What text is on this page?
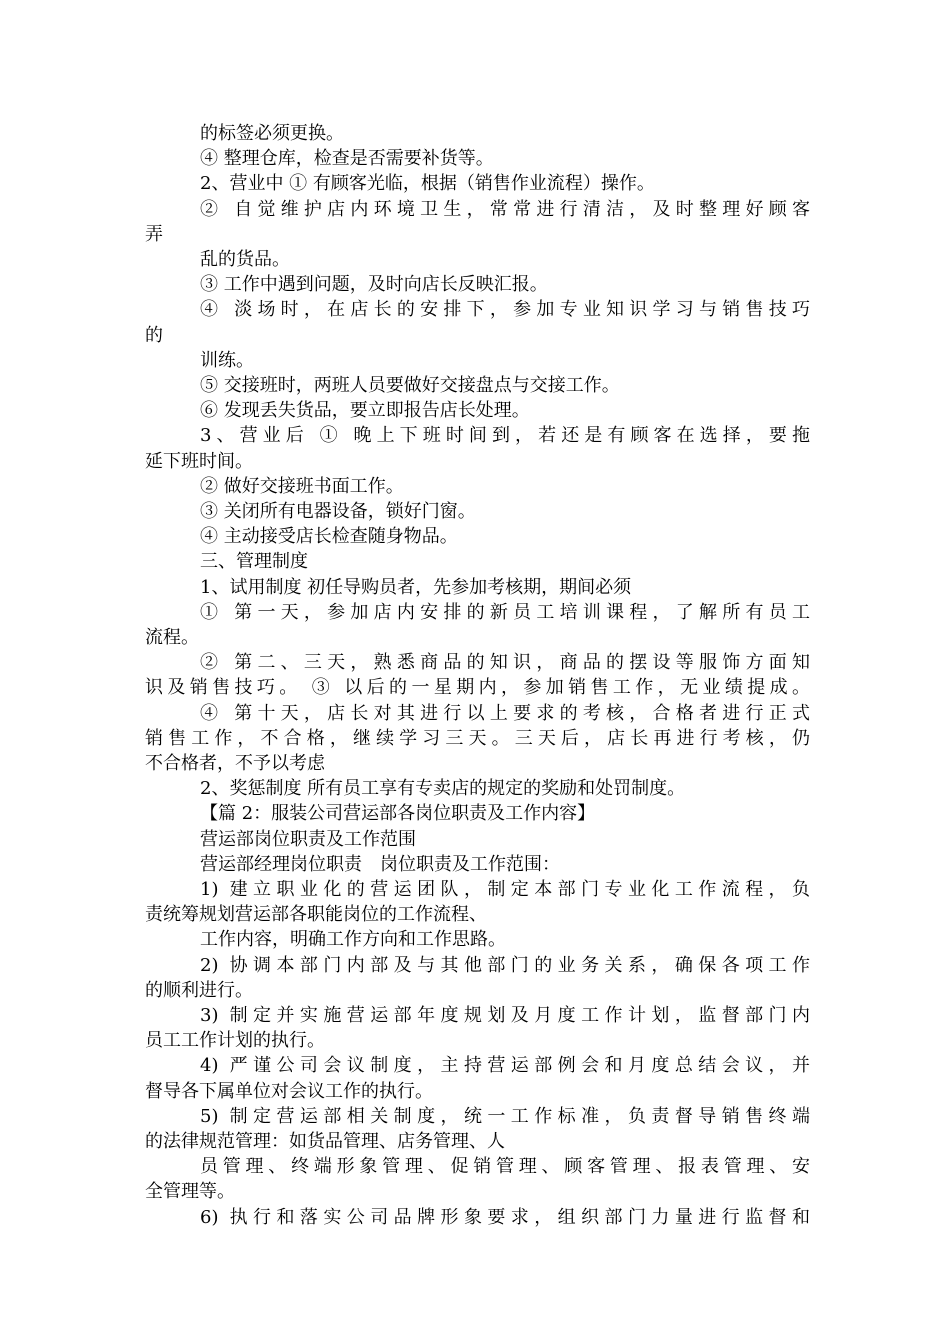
的标签必须更换。
④ 整理仓库，检查是否需要补货等。
2、营业中 ① 有顾客光临，根据（销售作业流程）操作。
② 自觉维护店内环境卫生，常常进行清洁，及时整理好顾客
弄
乱的货品。
③ 工作中遇到问题，及时向店长反映汇报。
④ 淡场时，在店长的安排下，参加专业知识学习与销售技巧
的
训练。
⑤ 交接班时，两班人员要做好交接盘点与交接工作。
⑥ 发现丢失货品，要立即报告店长处理。
3、营业后 ① 晚上下班时间到，若还是有顾客在选择，要拖
延下班时间。
② 做好交接班书面工作。
③ 关闭所有电器设备，锁好门窗。
④ 主动接受店长检查随身物品。
三、管理制度
1、试用制度 初任导购员者，先参加考核期，期间必须
① 第一天，参加店内安排的新员工培训课程，了解所有员工
流程。
② 第二、三天，熟悉商品的知识，商品的摆设等服饰方面知
识及销售技巧。 ③ 以后的一星期内，参加销售工作，无业绩提成。
④ 第十天，店长对其进行以上要求的考核，合格者进行正式
销售工作，不合格，继续学习三天。三天后，店长再进行考核，仍
不合格者，不予以考虑
2、奖惩制度 所有员工享有专卖店的规定的奖励和处罚制度。
【篇 2：服装公司营运部各岗位职责及工作内容】
营运部岗位职责及工作范围
营运部经理岗位职责　岗位职责及工作范围：
1) 建立职业化的营运团队，制定本部门专业化工作流程，负
责统筹规划营运部各职能岗位的工作流程、
工作内容，明确工作方向和工作思路。
2) 协调本部门内部及与其他部门的业务关系，确保各项工作
的顺利进行。
3) 制定并实施营运部年度规划及月度工作计划，监督部门内
员工工作计划的执行。
4) 严谨公司会议制度，主持营运部例会和月度总结会议，并
督导各下属单位对会议工作的执行。
5) 制定营运部相关制度，统一工作标准，负责督导销售终端
的法律规范管理：如货品管理、店务管理、人
员管理、终端形象管理、促销管理、顾客管理、报表管理、安
全管理等。
6) 执行和落实公司品牌形象要求，组织部门力量进行监督和
